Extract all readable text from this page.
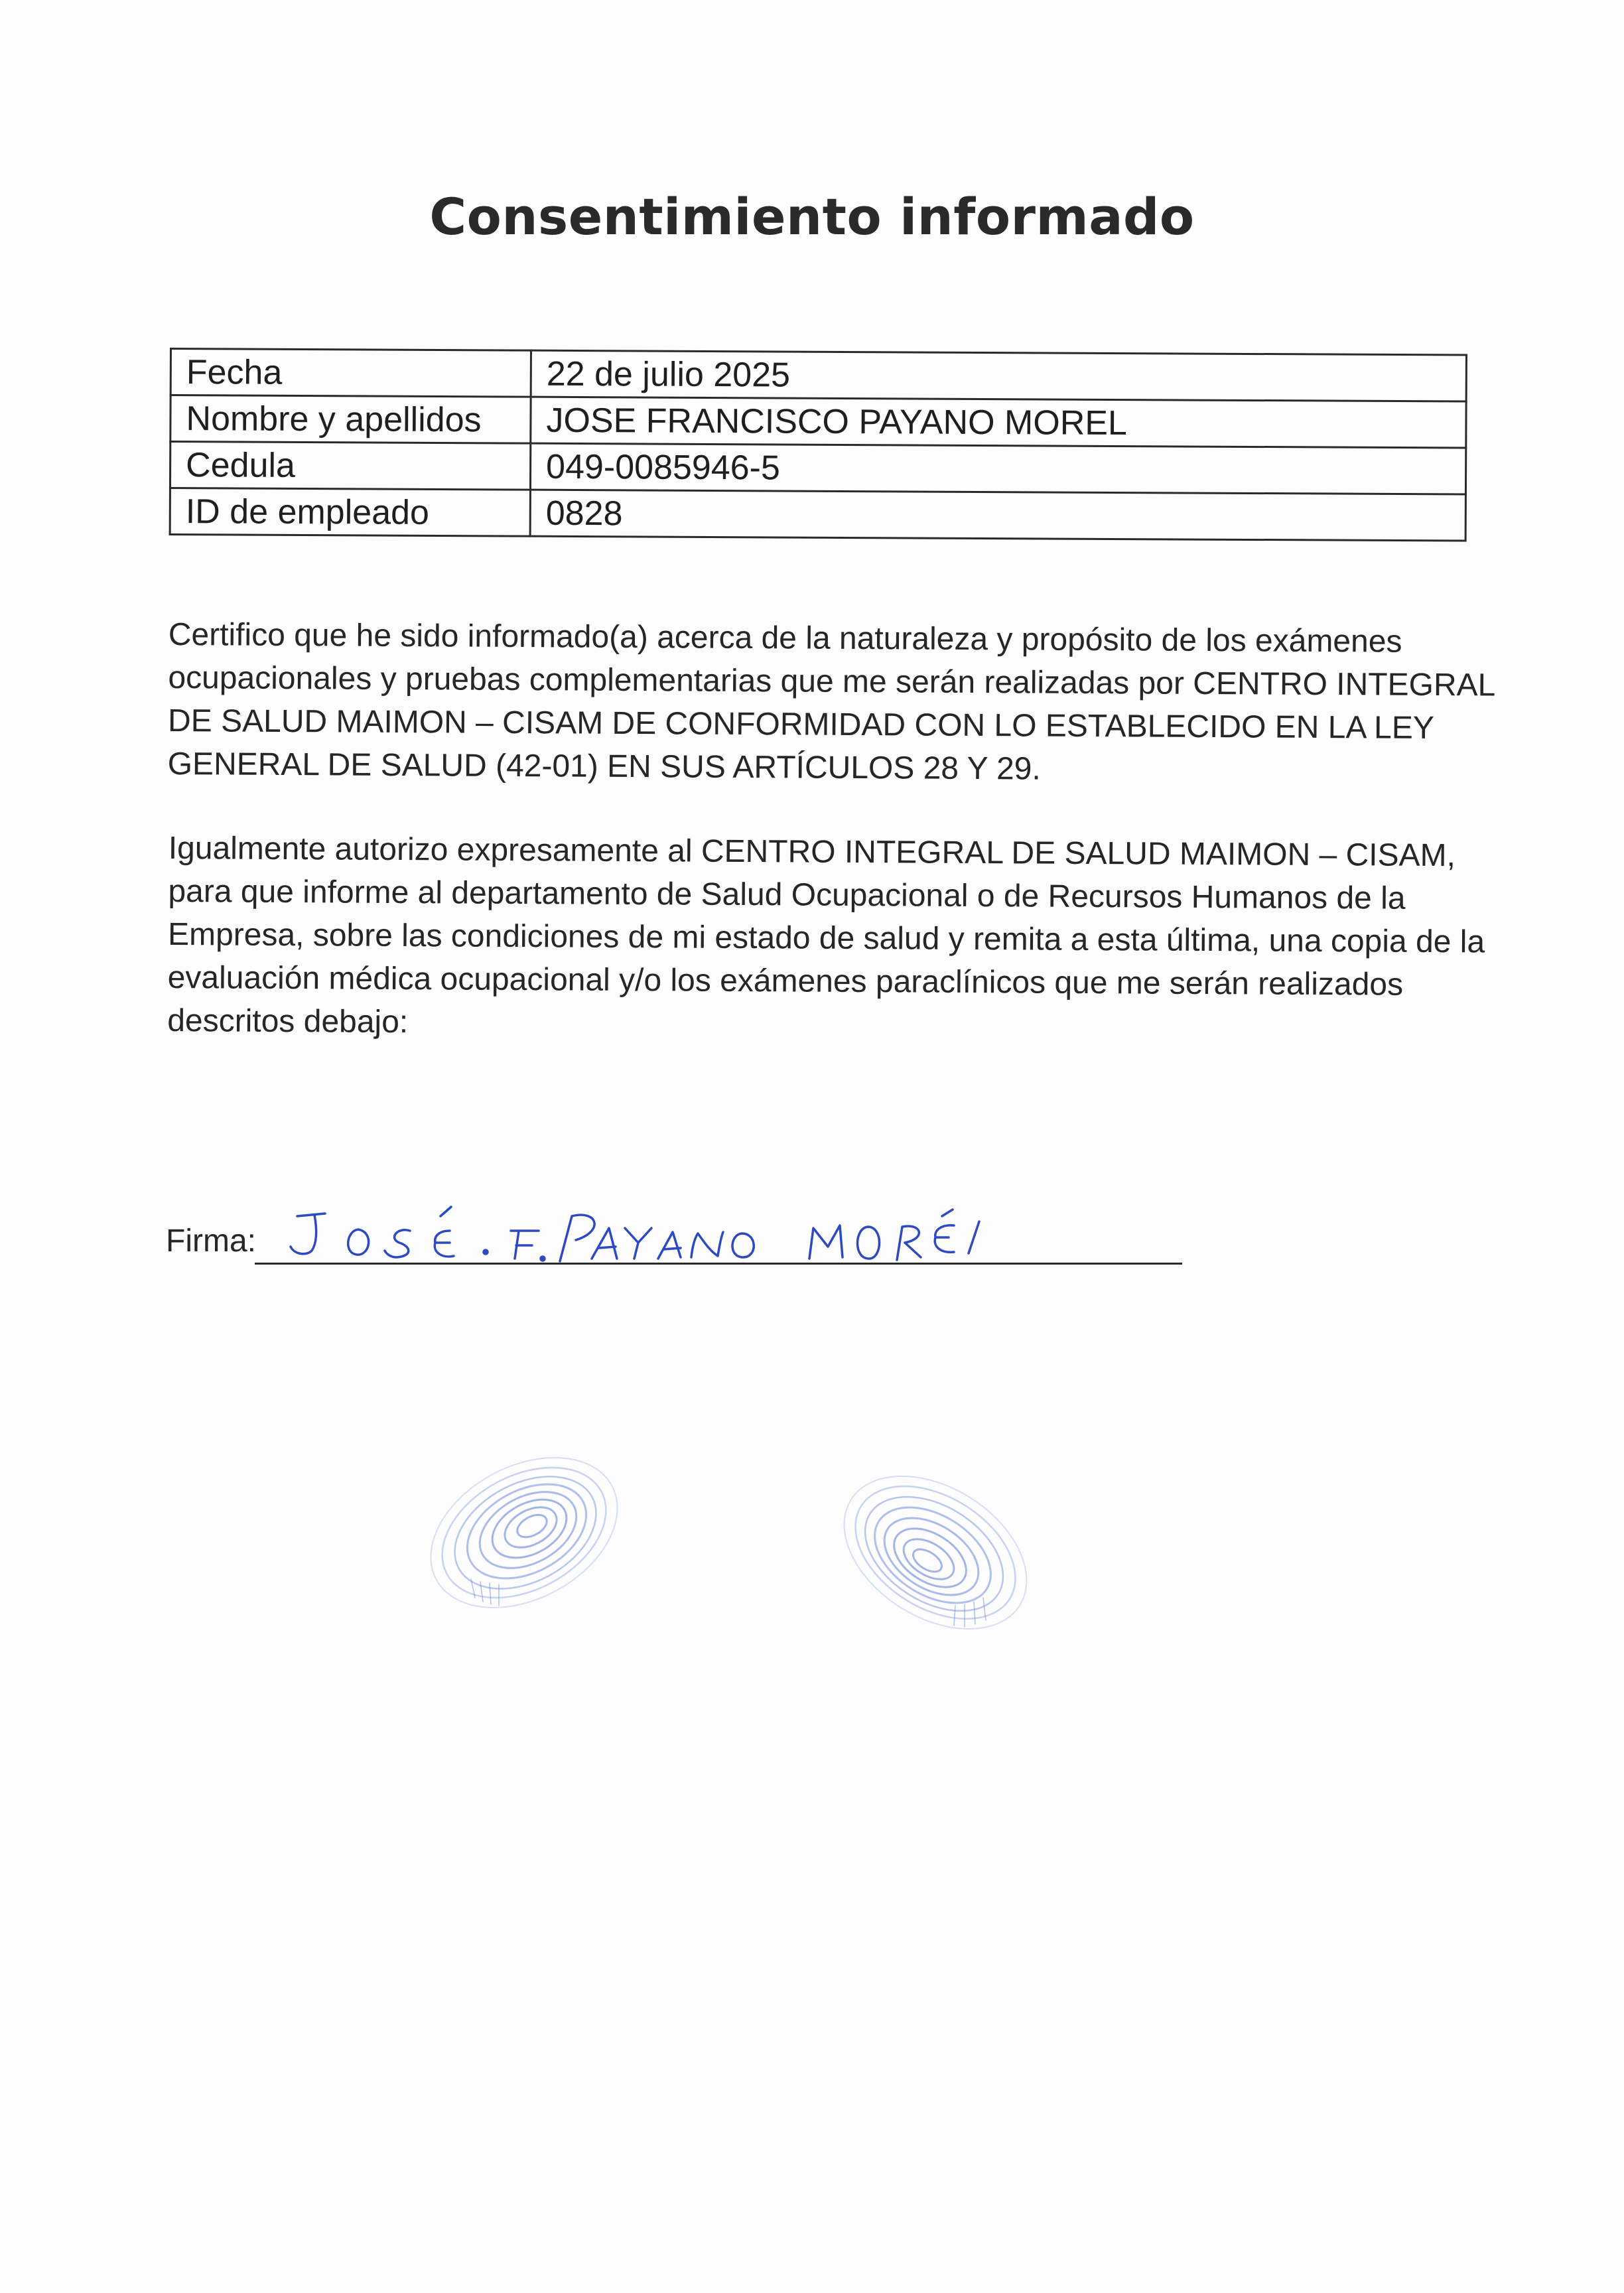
Consentimiento informado
Fecha	22 de julio 2025
Nombre y apellidos	JOSE FRANCISCO PAYANO MOREL
Cedula	049-0085946-5
ID de empleado	0828
Certifico que he sido informado(a) acerca de la naturaleza y propósito de los exámenes ocupacionales y pruebas complementarias que me serán realizadas por CENTRO INTEGRAL DE SALUD MAIMON – CISAM DE CONFORMIDAD CON LO ESTABLECIDO EN LA LEY GENERAL DE SALUD (42-01) EN SUS ARTÍCULOS 28 Y 29.
Igualmente autorizo expresamente al CENTRO INTEGRAL DE SALUD MAIMON – CISAM, para que informe al departamento de Salud Ocupacional o de Recursos Humanos de la Empresa, sobre las condiciones de mi estado de salud y remita a esta última, una copia de la evaluación médica ocupacional y/o los exámenes paraclínicos que me serán realizados descritos debajo:
Firma:
